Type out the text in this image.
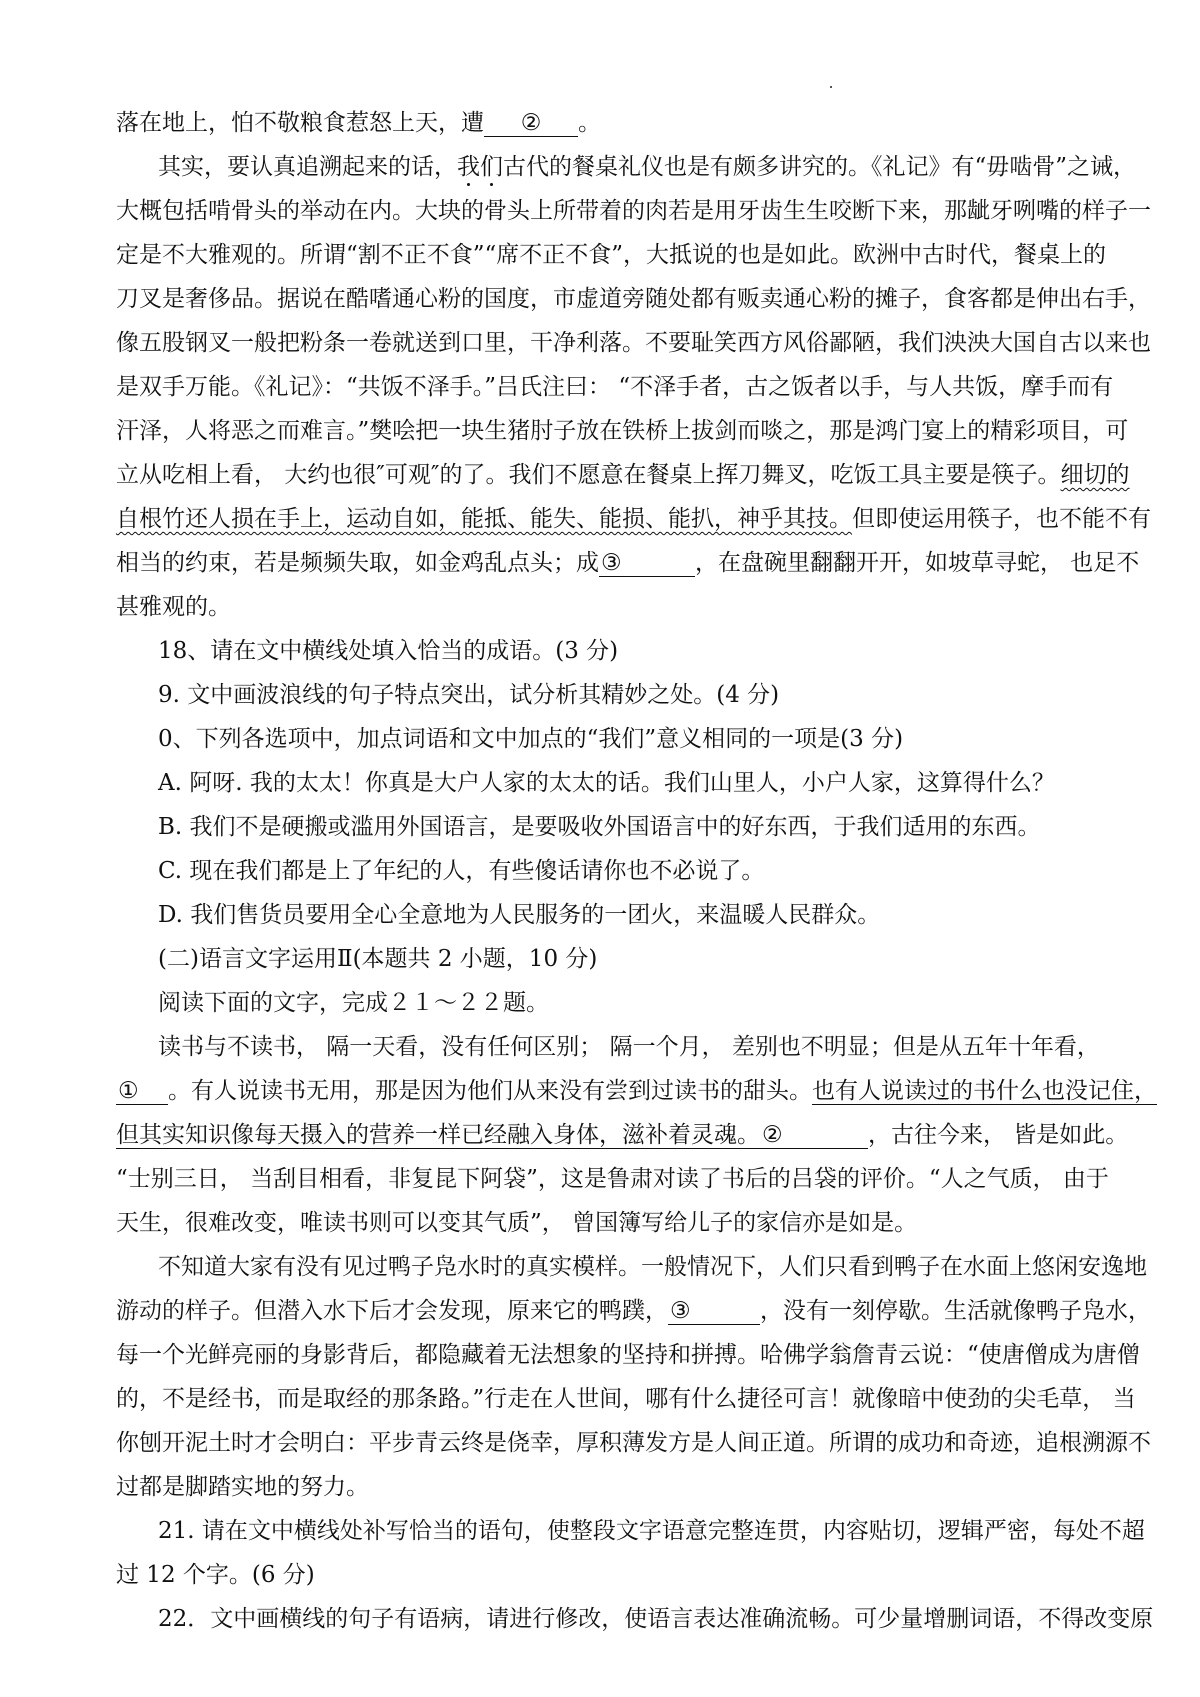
落在地上，怕不敬粮食惹怒上天，遭 ② 。
其实，要认真追溯起来的话，我们古代的餐桌礼仪也是有颇多讲究的。《礼记》有“毋啮骨”之诫，
大概包括啃骨头的举动在内。大块的骨头上所带着的肉若是用牙齿生生咬断下来，那龇牙咧嘴的样子一
定是不大雅观的。所谓“割不正不食”“席不正不食”，大抵说的也是如此。欧洲中古时代，餐桌上的
刀叉是奢侈品。据说在酷嗜通心粉的国度，市虚道旁随处都有贩卖通心粉的摊子，食客都是伸出右手，
像五股钢叉一般把粉条一卷就送到口里，干净利落。不要耻笑西方风俗鄙陋，我们泱泱大国自古以来也
是双手万能。《礼记》：“共饭不泽手。”吕氏注曰： “不泽手者，古之饭者以手，与人共饭，摩手而有
汗泽，人将恶之而难言。”樊哙把一块生猪肘子放在铁桥上拔剑而啖之，那是鸿门宴上的精彩项目，可
立从吃相上看， 大约也很″可观″的了。我们不愿意在餐桌上挥刀舞叉，吃饭工具主要是筷子。细切的
自根竹还人损在手上，运动自如，能抵、能失、能损、能扒，神乎其技。但即使运用筷子，也不能不有
相当的约束，若是频频失取，如金鸡乱点头；成③	，在盘碗里翻翻开开，如坡草寻蛇， 也足不
甚雅观的。
18、请在文中横线处填入恰当的成语。(3 分)
9. 文中画波浪线的句子特点突出，试分析其精妙之处。(4 分)
0、下列各选项中，加点词语和文中加点的“我们”意义相同的一项是(3 分)
A. 阿呀. 我的太太！你真是大户人家的太太的话。我们山里人，小户人家，这算得什么？
B. 我们不是硬搬或滥用外国语言，是要吸收外国语言中的好东西，于我们适用的东西。
C. 现在我们都是上了年纪的人，有些傻话请你也不必说了。
D. 我们售货员要用全心全意地为人民服务的一团火，来温暖人民群众。
(二)语言文字运用Ⅱ(本题共 2 小题，10 分)
阅读下面的文字，完成２１～２２题。
读书与不读书， 隔一天看，没有任何区别； 隔一个月， 差别也不明显；但是从五年十年看，
① 。有人说读书无用，那是因为他们从来没有尝到过读书的甜头。也有人说读过的书什么也没记住，
但其实知识像每天摄入的营养一样已经融入身体，滋补着灵魂。②	，古往今来， 皆是如此。
“士别三日， 当刮目相看，非复昆下阿袋”，这是鲁肃对读了书后的吕袋的评价。“人之气质， 由于
天生，很难改变，唯读书则可以变其气质”， 曾国簿写给儿子的家信亦是如是。
不知道大家有没有见过鸭子凫水时的真实模样。一般情况下，人们只看到鸭子在水面上悠闲安逸地
游动的样子。但潜入水下后才会发现，原来它的鸭蹼，③	，没有一刻停歇。生活就像鸭子凫水，
每一个光鲜亮丽的身影背后，都隐藏着无法想象的坚持和拼搏。哈佛学翁詹青云说：“使唐僧成为唐僧
的，不是经书，而是取经的那条路。”行走在人世间，哪有什么捷径可言！就像暗中使劲的尖毛草， 当
你刨开泥土时才会明白：平步青云终是侥幸，厚积薄发方是人间正道。所谓的成功和奇迹，追根溯源不
过都是脚踏实地的努力。
21. 请在文中横线处补写恰当的语句，使整段文字语意完整连贯，内容贴切，逻辑严密，每处不超
过 12 个字。(6 分)
22．文中画横线的句子有语病，请进行修改，使语言表达准确流畅。可少量增删词语，不得改变原
